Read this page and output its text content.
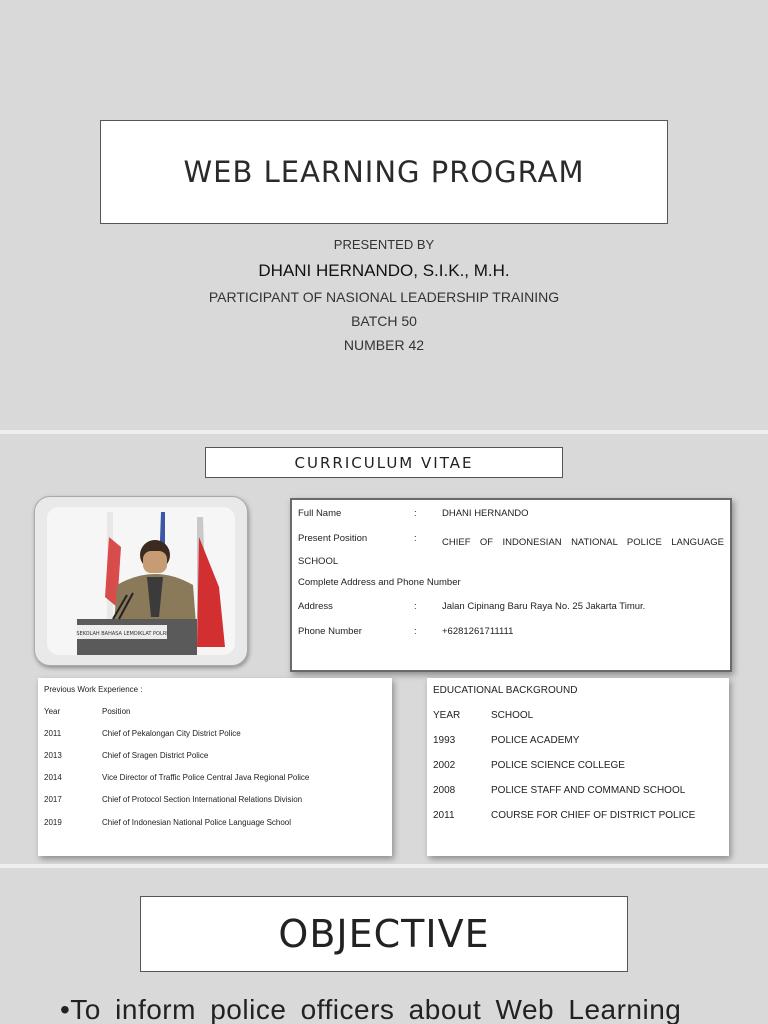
WEB LEARNING PROGRAM
PRESENTED BY
DHANI HERNANDO, S.I.K., M.H.
PARTICIPANT OF NASIONAL LEADERSHIP TRAINING
BATCH 50
NUMBER 42
CURRICULUM VITAE
SEKOLAH BAHASA LEMDIKLAT POLRI
Full Name	:	DHANI HERNANDO
Present Position	:	CHIEF OF INDONESIAN NATIONAL POLICE LANGUAGE SCHOOL
Complete Address and Phone Number
Address	:	Jalan Cipinang Baru Raya No. 25 Jakarta Timur.
Phone Number	:	+6281261711111
Previous Work Experience :
Year	Position
2011	Chief of Pekalongan City District Police
2013	Chief of Sragen District Police
2014	Vice Director of Traffic Police Central Java Regional Police
2017	Chief of Protocol Section International Relations Division
2019	Chief of Indonesian National Police Language School
EDUCATIONAL BACKGROUND
YEAR	SCHOOL
1993	POLICE ACADEMY
2002	POLICE SCIENCE COLLEGE
2008	POLICE STAFF AND COMMAND SCHOOL
2011	COURSE FOR CHIEF OF DISTRICT POLICE
OBJECTIVE
•To inform police officers about Web Learning
